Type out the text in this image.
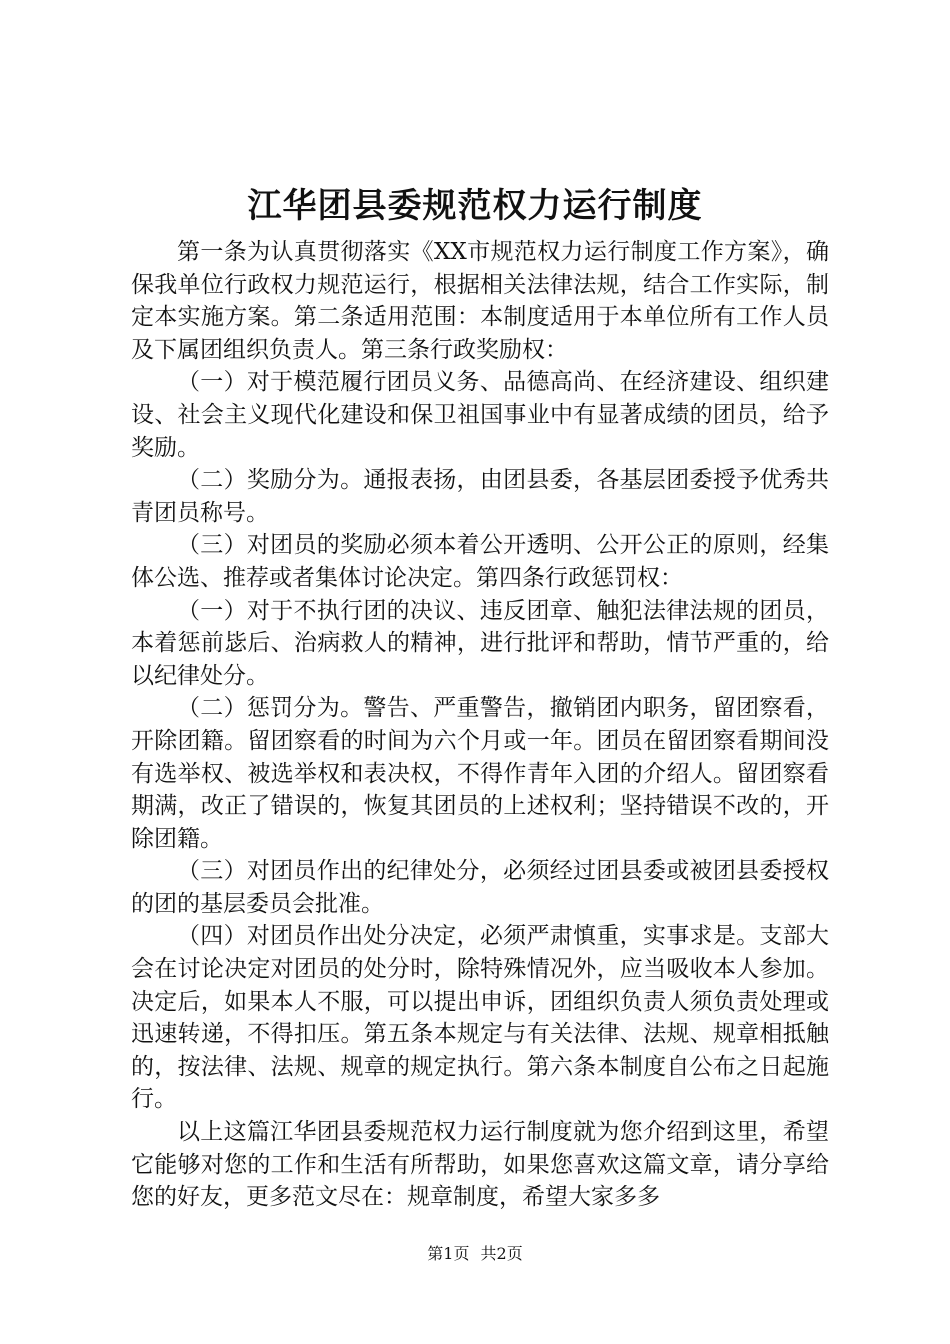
江华团县委规范权力运行制度

第一条为认真贯彻落实《XX市规范权力运行制度工作方案》，确保我单位行政权力规范运行，根据相关法律法规，结合工作实际，制定本实施方案。第二条适用范围：本制度适用于本单位所有工作人员及下属团组织负责人。第三条行政奖励权：

（一）对于模范履行团员义务、品德高尚、在经济建设、组织建设、社会主义现代化建设和保卫祖国事业中有显著成绩的团员，给予奖励。

（二）奖励分为。通报表扬，由团县委，各基层团委授予优秀共青团员称号。

（三）对团员的奖励必须本着公开透明、公开公正的原则，经集体公选、推荐或者集体讨论决定。第四条行政惩罚权：

（一）对于不执行团的决议、违反团章、触犯法律法规的团员，本着惩前毖后、治病救人的精神，进行批评和帮助，情节严重的，给以纪律处分。

（二）惩罚分为。警告、严重警告，撤销团内职务，留团察看，开除团籍。留团察看的时间为六个月或一年。团员在留团察看期间没有选举权、被选举权和表决权，不得作青年入团的介绍人。留团察看期满，改正了错误的，恢复其团员的上述权利；坚持错误不改的，开除团籍。

（三）对团员作出的纪律处分，必须经过团县委或被团县委授权的团的基层委员会批准。

（四）对团员作出处分决定，必须严肃慎重，实事求是。支部大会在讨论决定对团员的处分时，除特殊情况外，应当吸收本人参加。决定后，如果本人不服，可以提出申诉，团组织负责人须负责处理或迅速转递，不得扣压。第五条本规定与有关法律、法规、规章相抵触的，按法律、法规、规章的规定执行。第六条本制度自公布之日起施行。

以上这篇江华团县委规范权力运行制度就为您介绍到这里，希望它能够对您的工作和生活有所帮助，如果您喜欢这篇文章，请分享给您的好友，更多范文尽在：规章制度，希望大家多多

第1页 共2页
